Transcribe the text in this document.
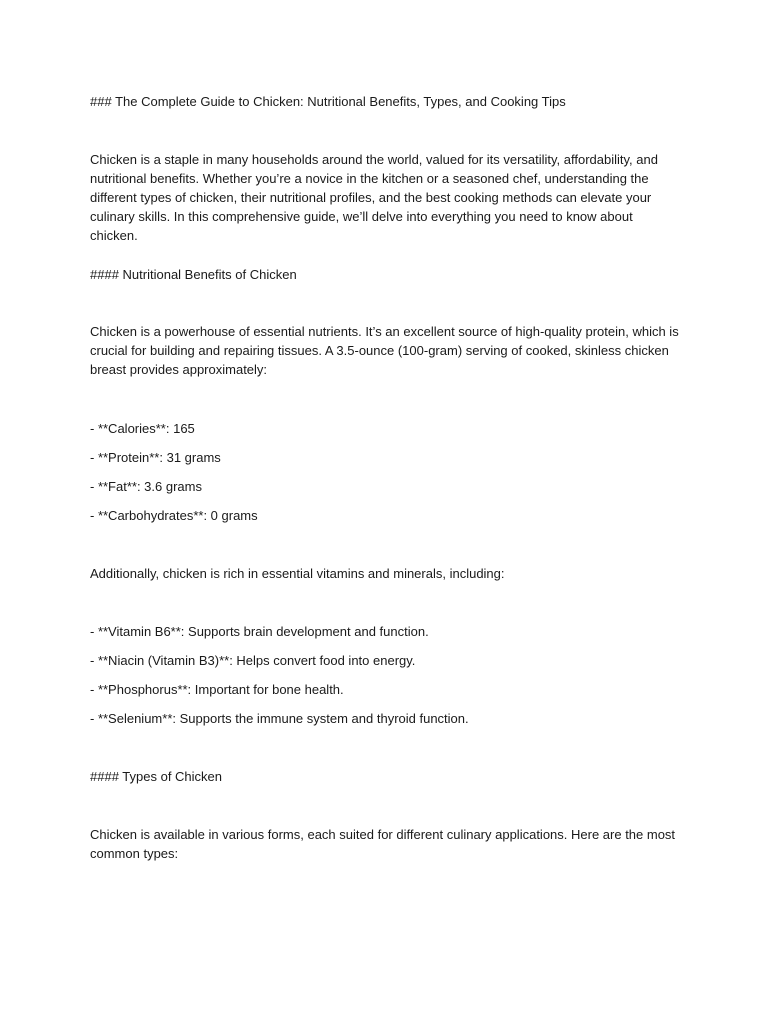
### The Complete Guide to Chicken: Nutritional Benefits, Types, and Cooking Tips
Chicken is a staple in many households around the world, valued for its versatility, affordability, and nutritional benefits. Whether you’re a novice in the kitchen or a seasoned chef, understanding the different types of chicken, their nutritional profiles, and the best cooking methods can elevate your culinary skills. In this comprehensive guide, we’ll delve into everything you need to know about chicken.
#### Nutritional Benefits of Chicken
Chicken is a powerhouse of essential nutrients. It’s an excellent source of high-quality protein, which is crucial for building and repairing tissues. A 3.5-ounce (100-gram) serving of cooked, skinless chicken breast provides approximately:
- **Calories**: 165
- **Protein**: 31 grams
- **Fat**: 3.6 grams
- **Carbohydrates**: 0 grams
Additionally, chicken is rich in essential vitamins and minerals, including:
- **Vitamin B6**: Supports brain development and function.
- **Niacin (Vitamin B3)**: Helps convert food into energy.
- **Phosphorus**: Important for bone health.
- **Selenium**: Supports the immune system and thyroid function.
#### Types of Chicken
Chicken is available in various forms, each suited for different culinary applications. Here are the most common types:
